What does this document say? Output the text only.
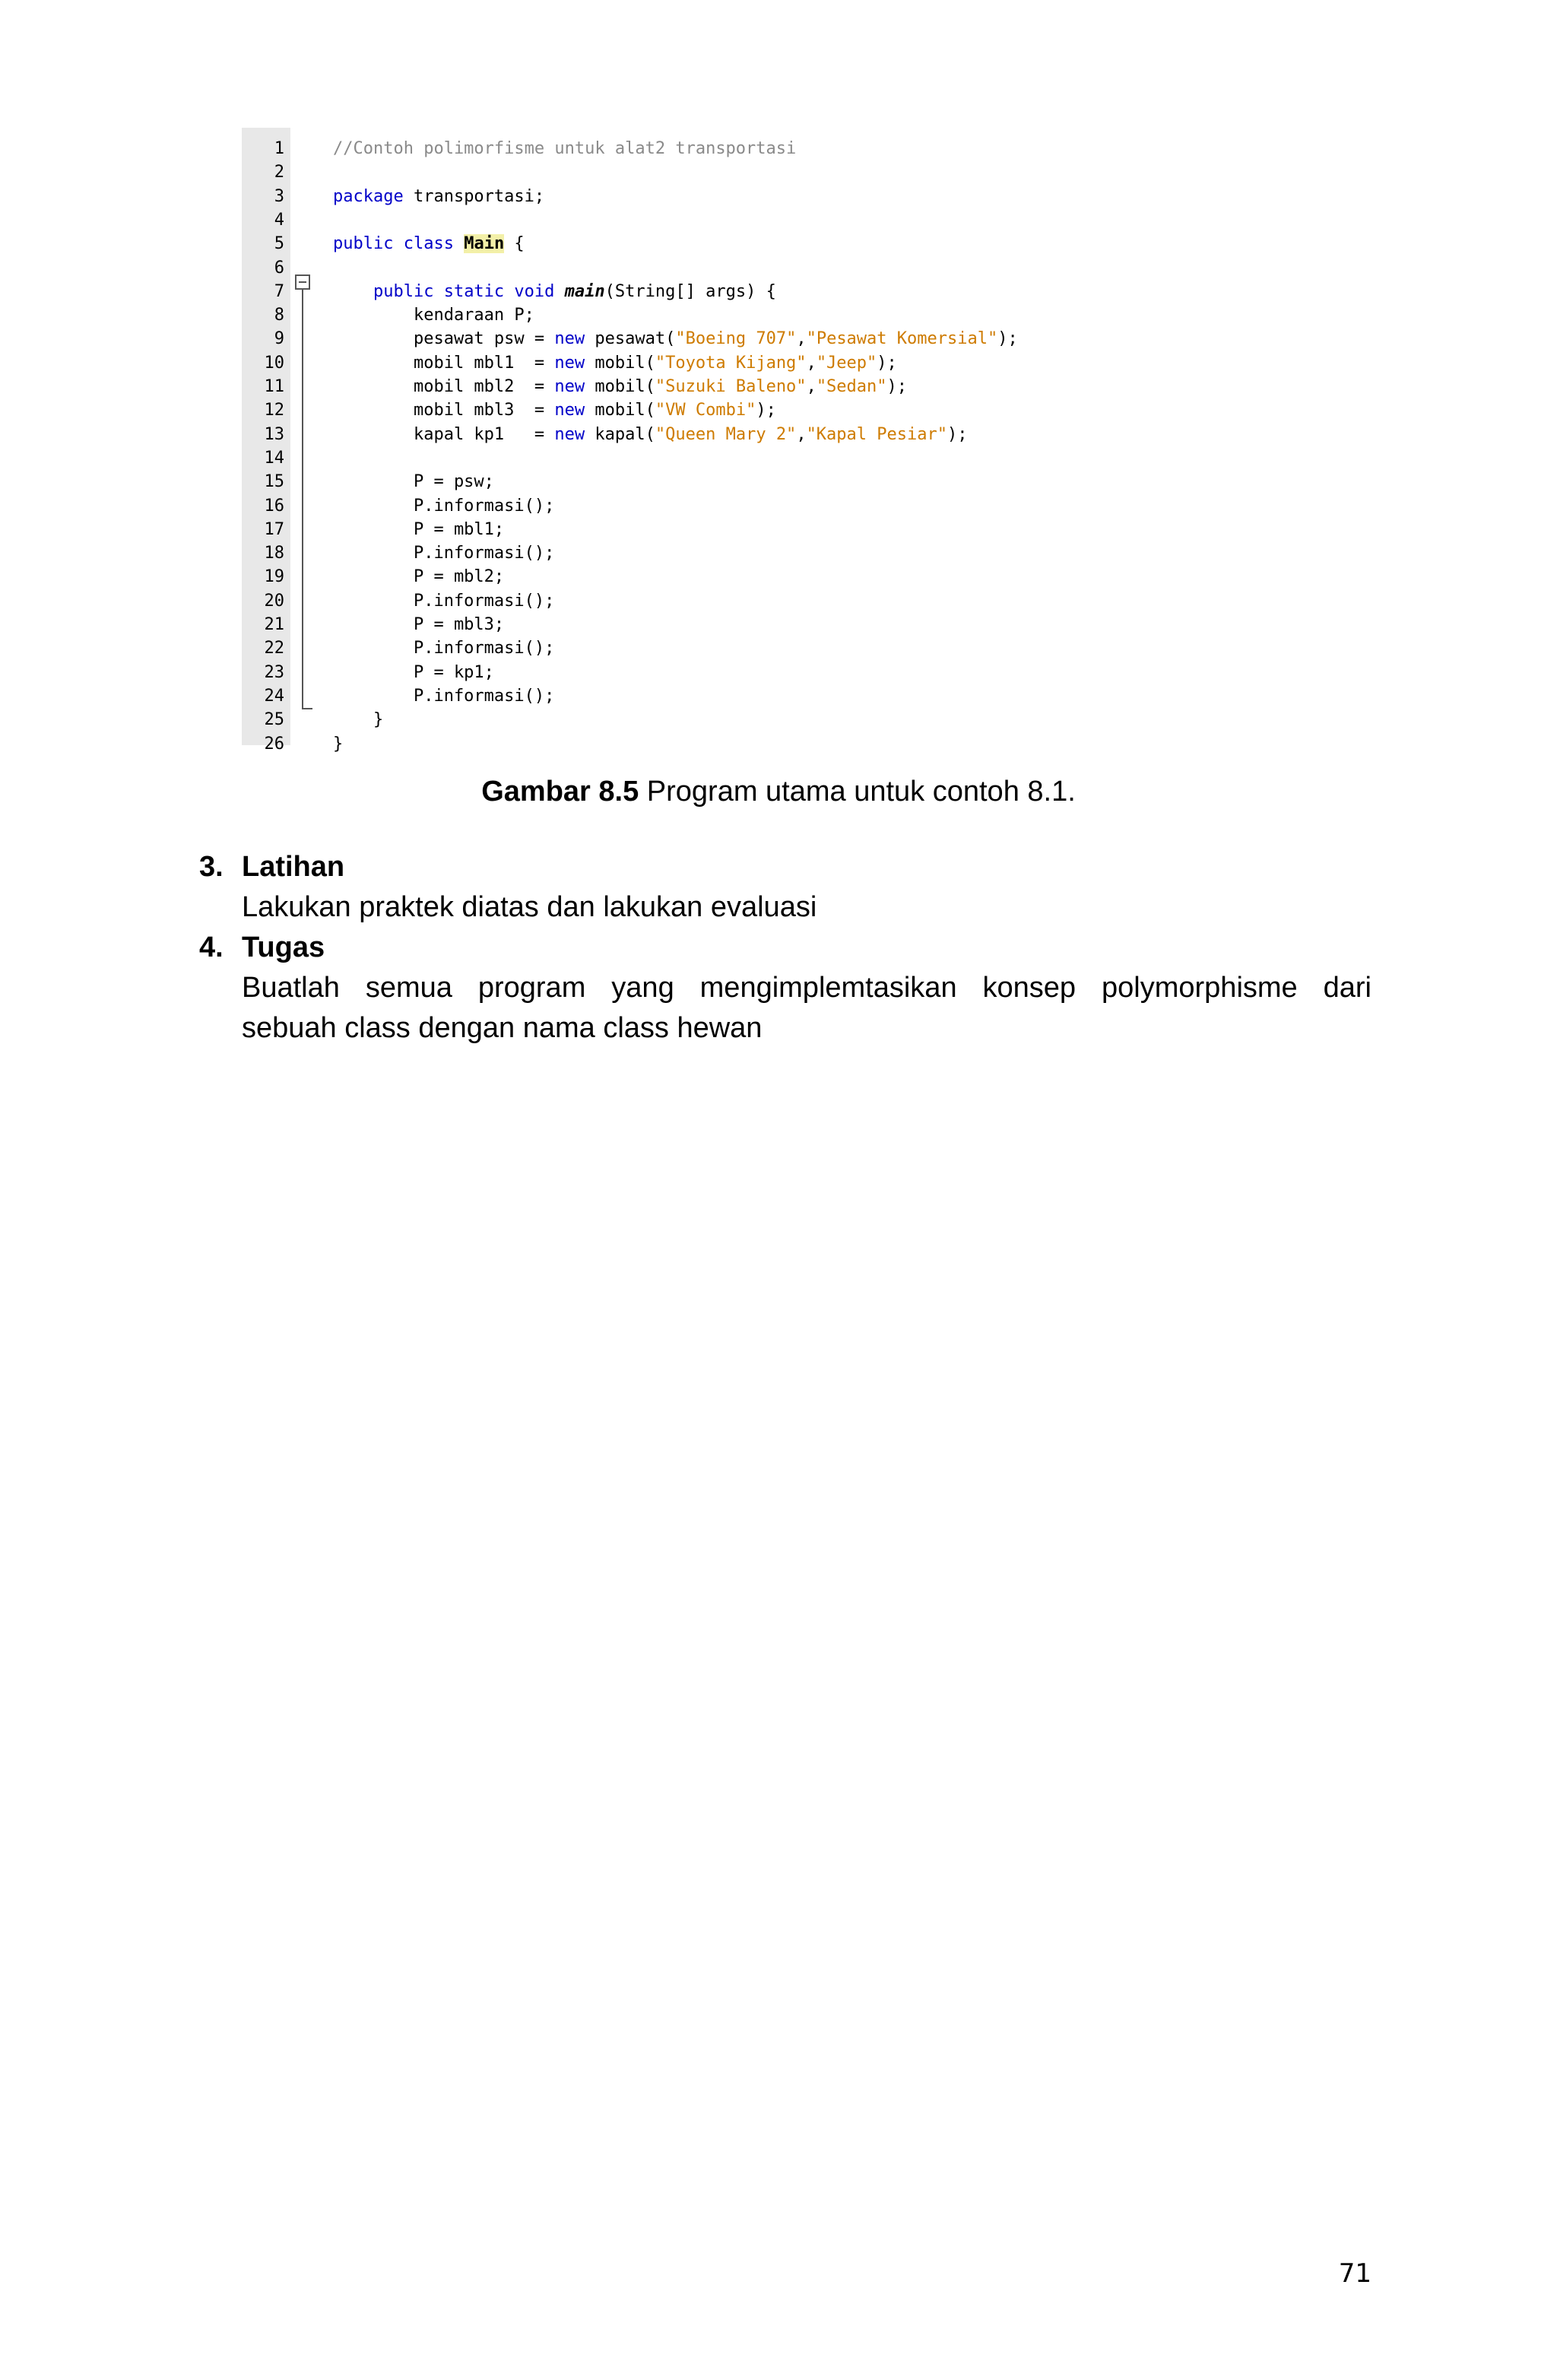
1
2
3
4
5
6
7
8
9
10
11
12
13
14
15
16
17
18
19
20
21
22
23
24
25
26
//Contoh polimorfisme untuk alat2 transportasi
package transportasi;
public class Main {
public static void main(String[] args) {
kendaraan P;
pesawat psw = new pesawat("Boeing 707","Pesawat Komersial");
mobil mbl1  = new mobil("Toyota Kijang","Jeep");
mobil mbl2  = new mobil("Suzuki Baleno","Sedan");
mobil mbl3  = new mobil("VW Combi");
kapal kp1   = new kapal("Queen Mary 2","Kapal Pesiar");
P = psw;
P.informasi();
P = mbl1;
P.informasi();
P = mbl2;
P.informasi();
P = mbl3;
P.informasi();
P = kp1;
P.informasi();
}
}
Gambar 8.5 Program utama untuk contoh 8.1.
3. Latihan
Lakukan praktek diatas dan lakukan evaluasi
4. Tugas
Buatlah semua program yang mengimplemtasikan konsep polymorphisme dari
sebuah class dengan nama class hewan
71
